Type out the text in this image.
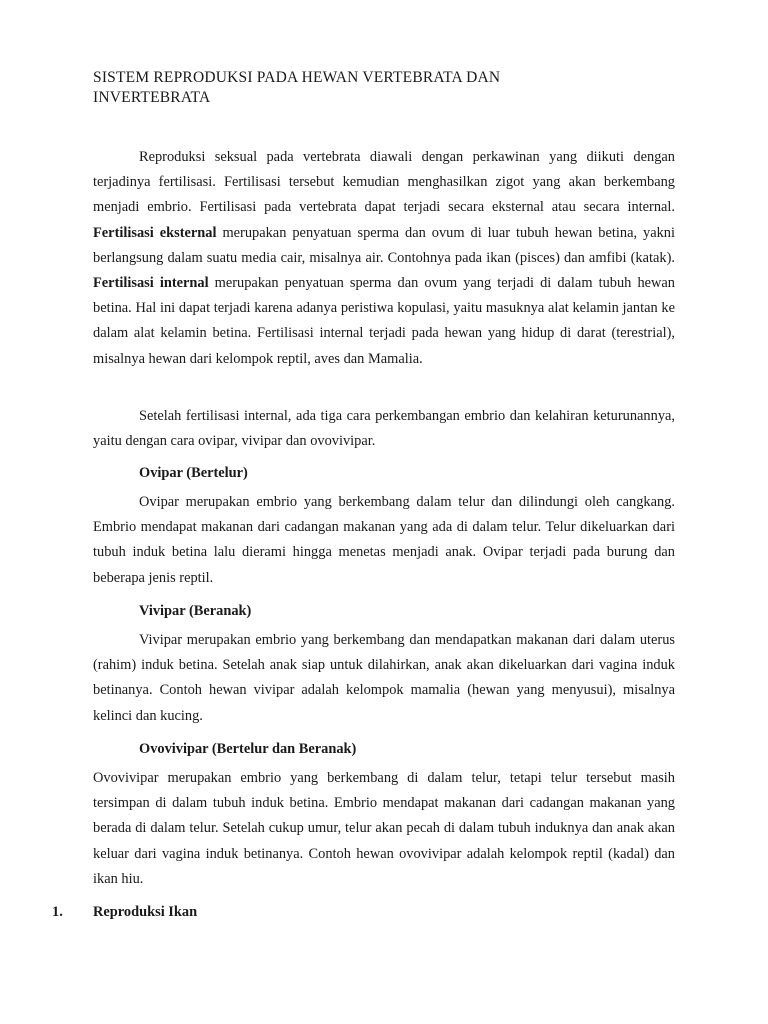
SISTEM REPRODUKSI PADA HEWAN VERTEBRATA DAN INVERTEBRATA

Reproduksi seksual pada vertebrata diawali dengan perkawinan yang diikuti dengan terjadinya fertilisasi. Fertilisasi tersebut kemudian menghasilkan zigot yang akan berkembang menjadi embrio. Fertilisasi pada vertebrata dapat terjadi secara eksternal atau secara internal. Fertilisasi eksternal merupakan penyatuan sperma dan ovum di luar tubuh hewan betina, yakni berlangsung dalam suatu media cair, misalnya air. Contohnya pada ikan (pisces) dan amfibi (katak). Fertilisasi internal merupakan penyatuan sperma dan ovum yang terjadi di dalam tubuh hewan betina. Hal ini dapat terjadi karena adanya peristiwa kopulasi, yaitu masuknya alat kelamin jantan ke dalam alat kelamin betina. Fertilisasi internal terjadi pada hewan yang hidup di darat (terestrial), misalnya hewan dari kelompok reptil, aves dan Mamalia.

Setelah fertilisasi internal, ada tiga cara perkembangan embrio dan kelahiran keturunannya, yaitu dengan cara ovipar, vivipar dan ovovivipar.

Ovipar (Bertelur)

Ovipar merupakan embrio yang berkembang dalam telur dan dilindungi oleh cangkang. Embrio mendapat makanan dari cadangan makanan yang ada di dalam telur. Telur dikeluarkan dari tubuh induk betina lalu dierami hingga menetas menjadi anak. Ovipar terjadi pada burung dan beberapa jenis reptil.

Vivipar (Beranak)

Vivipar merupakan embrio yang berkembang dan mendapatkan makanan dari dalam uterus (rahim) induk betina. Setelah anak siap untuk dilahirkan, anak akan dikeluarkan dari vagina induk betinanya. Contoh hewan vivipar adalah kelompok mamalia (hewan yang menyusui), misalnya kelinci dan kucing.

Ovovivipar (Bertelur dan Beranak)

Ovovivipar merupakan embrio yang berkembang di dalam telur, tetapi telur tersebut masih tersimpan di dalam tubuh induk betina. Embrio mendapat makanan dari cadangan makanan yang berada di dalam telur. Setelah cukup umur, telur akan pecah di dalam tubuh induknya dan anak akan keluar dari vagina induk betinanya. Contoh hewan ovovivipar adalah kelompok reptil (kadal) dan ikan hiu.

1. Reproduksi Ikan
